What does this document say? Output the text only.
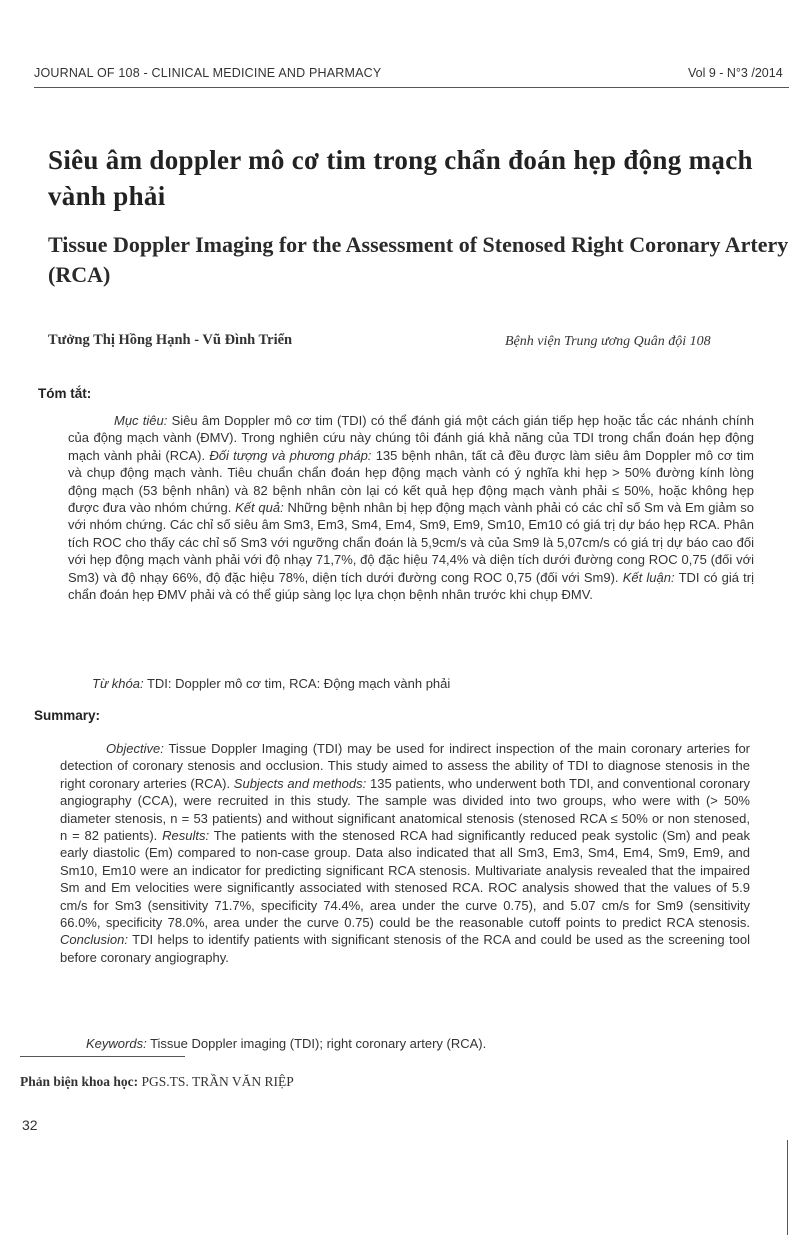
JOURNAL OF 108 - CLINICAL MEDICINE AND PHARMACY	Vol 9 - N°3 /2014
Siêu âm doppler mô cơ tim trong chẩn đoán hẹp động mạch vành phải
Tissue Doppler Imaging for the Assessment of Stenosed Right Coronary Artery (RCA)
Tưởng Thị Hồng Hạnh - Vũ Đình Triển	Bệnh viện Trung ương Quân đội 108
Tóm tắt:
Mục tiêu: Siêu âm Doppler mô cơ tim (TDI) có thể đánh giá một cách gián tiếp hẹp hoặc tắc các nhánh chính của động mạch vành (ĐMV). Trong nghiên cứu này chúng tôi đánh giá khả năng của TDI trong chẩn đoán hẹp động mạch vành phải (RCA). Đối tượng và phương pháp: 135 bệnh nhân, tất cả đều được làm siêu âm Doppler mô cơ tim và chụp động mạch vành. Tiêu chuẩn chẩn đoán hẹp động mạch vành có ý nghĩa khi hẹp > 50% đường kính lòng động mạch (53 bệnh nhân) và 82 bệnh nhân còn lại có kết quả hẹp động mạch vành phải ≤ 50%, hoặc không hẹp được đưa vào nhóm chứng. Kết quả: Những bệnh nhân bị hẹp động mạch vành phải có các chỉ số Sm và Em giảm so với nhóm chứng. Các chỉ số siêu âm Sm3, Em3, Sm4, Em4, Sm9, Em9, Sm10, Em10 có giá trị dự báo hẹp RCA. Phân tích ROC cho thấy các chỉ số Sm3 với ngưỡng chẩn đoán là 5,9cm/s và của Sm9 là 5,07cm/s có giá trị dự báo cao đối với hẹp động mạch vành phải với độ nhạy 71,7%, độ đặc hiệu 74,4% và diện tích dưới đường cong ROC 0,75 (đối với Sm3) và độ nhạy 66%, độ đặc hiệu 78%, diện tích dưới đường cong ROC 0,75 (đối với Sm9). Kết luận: TDI có giá trị chẩn đoán hẹp ĐMV phải và có thể giúp sàng lọc lựa chọn bệnh nhân trước khi chụp ĐMV.
Từ khóa: TDI: Doppler mô cơ tim, RCA: Động mạch vành phải
Summary:
Objective: Tissue Doppler Imaging (TDI) may be used for indirect inspection of the main coronary arteries for detection of coronary stenosis and occlusion. This study aimed to assess the ability of TDI to diagnose stenosis in the right coronary arteries (RCA). Subjects and methods: 135 patients, who underwent both TDI, and conventional coronary angiography (CCA), were recruited in this study. The sample was divided into two groups, who were with (> 50% diameter stenosis, n = 53 patients) and without significant anatomical stenosis (stenosed RCA ≤ 50% or non stenosed, n = 82 patients). Results: The patients with the stenosed RCA had significantly reduced peak systolic (Sm) and peak early diastolic (Em) compared to non-case group. Data also indicated that all Sm3, Em3, Sm4, Em4, Sm9, Em9, and Sm10, Em10 were an indicator for predicting significant RCA stenosis. Multivariate analysis revealed that the impaired Sm and Em velocities were significantly associated with stenosed RCA. ROC analysis showed that the values of 5.9 cm/s for Sm3 (sensitivity 71.7%, specificity 74.4%, area under the curve 0.75), and 5.07 cm/s for Sm9 (sensitivity 66.0%, specificity 78.0%, area under the curve 0.75) could be the reasonable cutoff points to predict RCA stenosis. Conclusion: TDI helps to identify patients with significant stenosis of the RCA and could be used as the screening tool before coronary angiography.
Keywords: Tissue Doppler imaging (TDI); right coronary artery (RCA).
Phản biện khoa học: PGS.TS. TRẦN VĂN RIỆP
32
